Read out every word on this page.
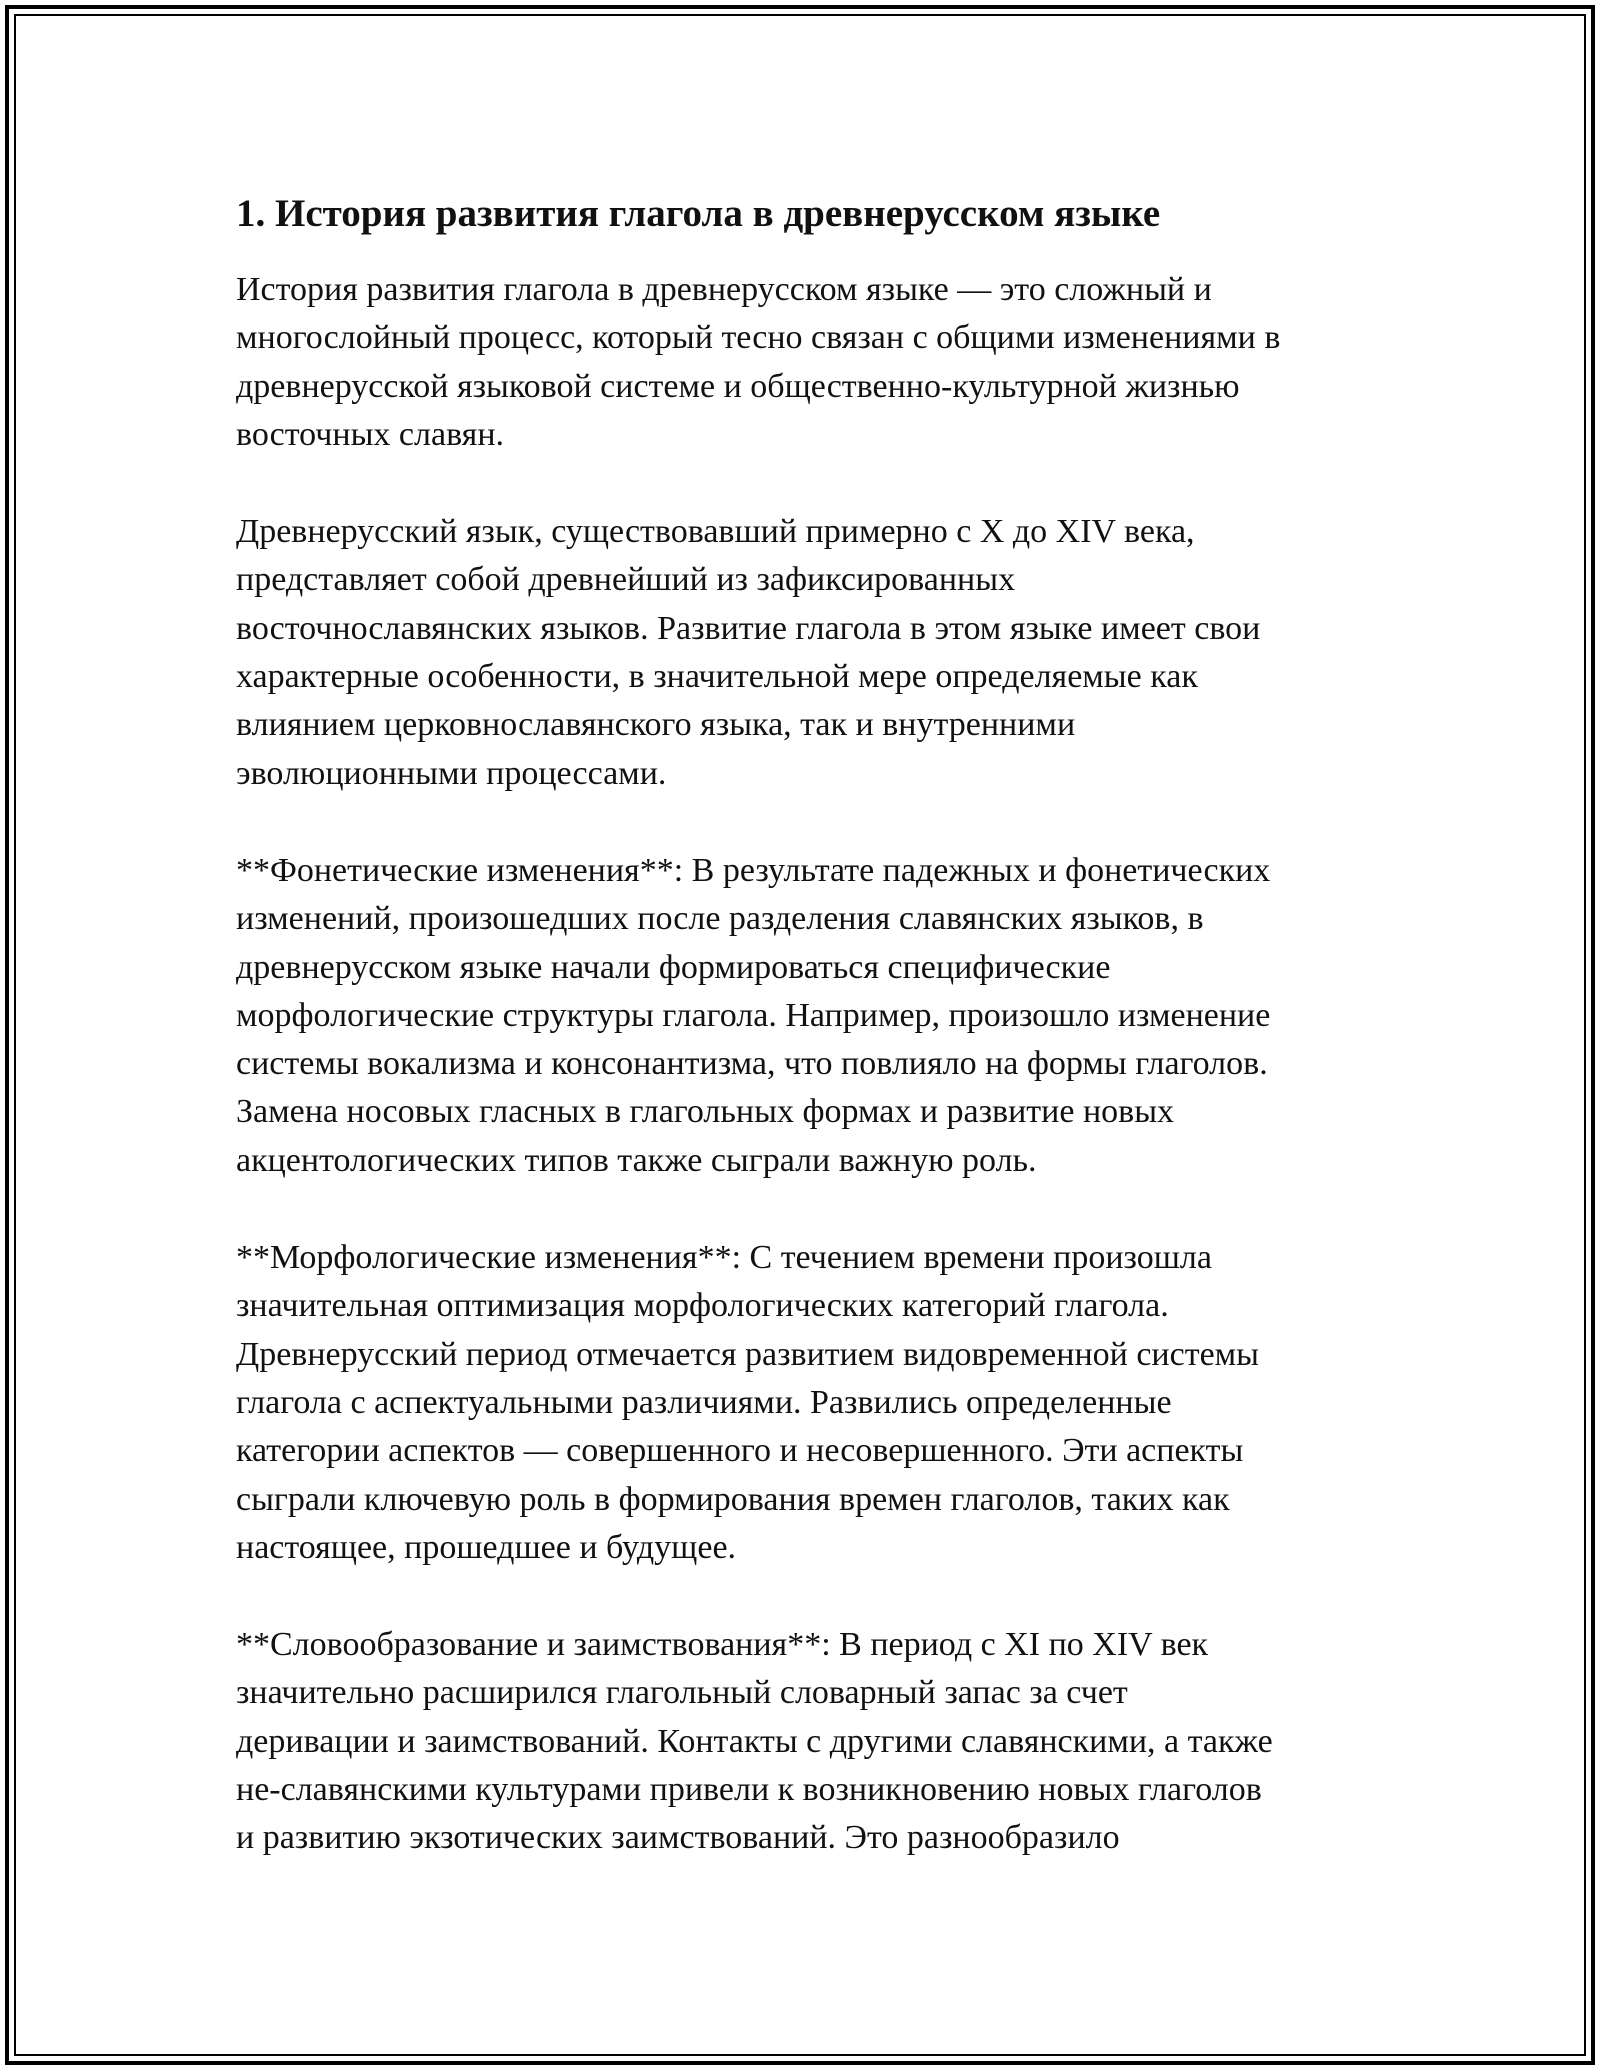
1. История развития глагола в древнерусском языке

История развития глагола в древнерусском языке — это сложный и
многослойный процесс, который тесно связан с общими изменениями в
древнерусской языковой системе и общественно-культурной жизнью
восточных славян.

Древнерусский язык, существовавший примерно с X до XIV века,
представляет собой древнейший из зафиксированных
восточнославянских языков. Развитие глагола в этом языке имеет свои
характерные особенности, в значительной мере определяемые как
влиянием церковнославянского языка, так и внутренними
эволюционными процессами.

**Фонетические изменения**: В результате падежных и фонетических
изменений, произошедших после разделения славянских языков, в
древнерусском языке начали формироваться специфические
морфологические структуры глагола. Например, произошло изменение
системы вокализма и консонантизма, что повлияло на формы глаголов.
Замена носовых гласных в глагольных формах и развитие новых
акцентологических типов также сыграли важную роль.

**Морфологические изменения**: С течением времени произошла
значительная оптимизация морфологических категорий глагола.
Древнерусский период отмечается развитием видовременной системы
глагола с аспектуальными различиями. Развились определенные
категории аспектов — совершенного и несовершенного. Эти аспекты
сыграли ключевую роль в формирования времен глаголов, таких как
настоящее, прошедшее и будущее.

**Словообразование и заимствования**: В период с XI по XIV век
значительно расширился глагольный словарный запас за счет
деривации и заимствований. Контакты с другими славянскими, а также
не-славянскими культурами привели к возникновению новых глаголов
и развитию экзотических заимствований. Это разнообразило
